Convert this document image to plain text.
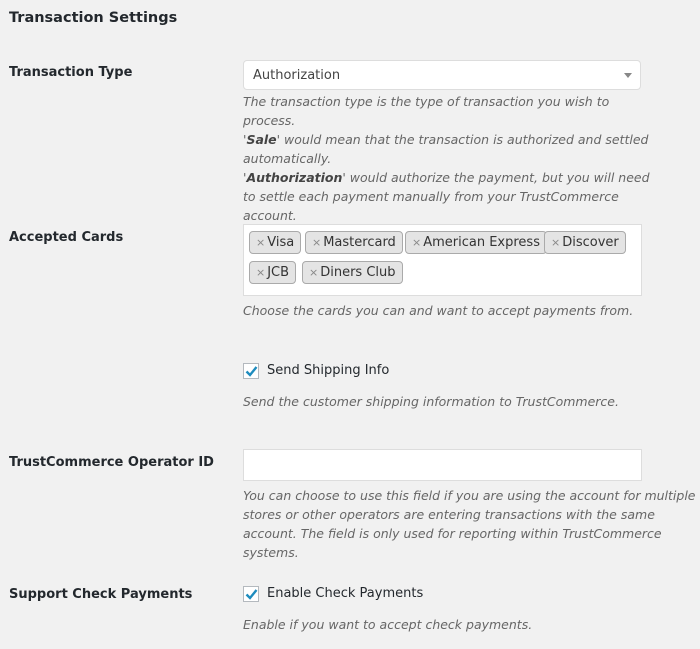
Transaction Settings
Transaction Type	Authorization
The transaction type is the type of transaction you wish to process.
'Sale' would mean that the transaction is authorized and settled automatically.
'Authorization' would authorize the payment, but you will need to settle each payment manually from your TrustCommerce account.
Accepted Cards	× Visa	× Mastercard	× American Express	× Discover
× JCB	× Diners Club
Choose the cards you can and want to accept payments from.
Send Shipping Info
Send the customer shipping information to TrustCommerce.
TrustCommerce Operator ID
You can choose to use this field if you are using the account for multiple stores or other operators are entering transactions with the same account. The field is only used for reporting within TrustCommerce systems.
Support Check Payments	Enable Check Payments
Enable if you want to accept check payments.
